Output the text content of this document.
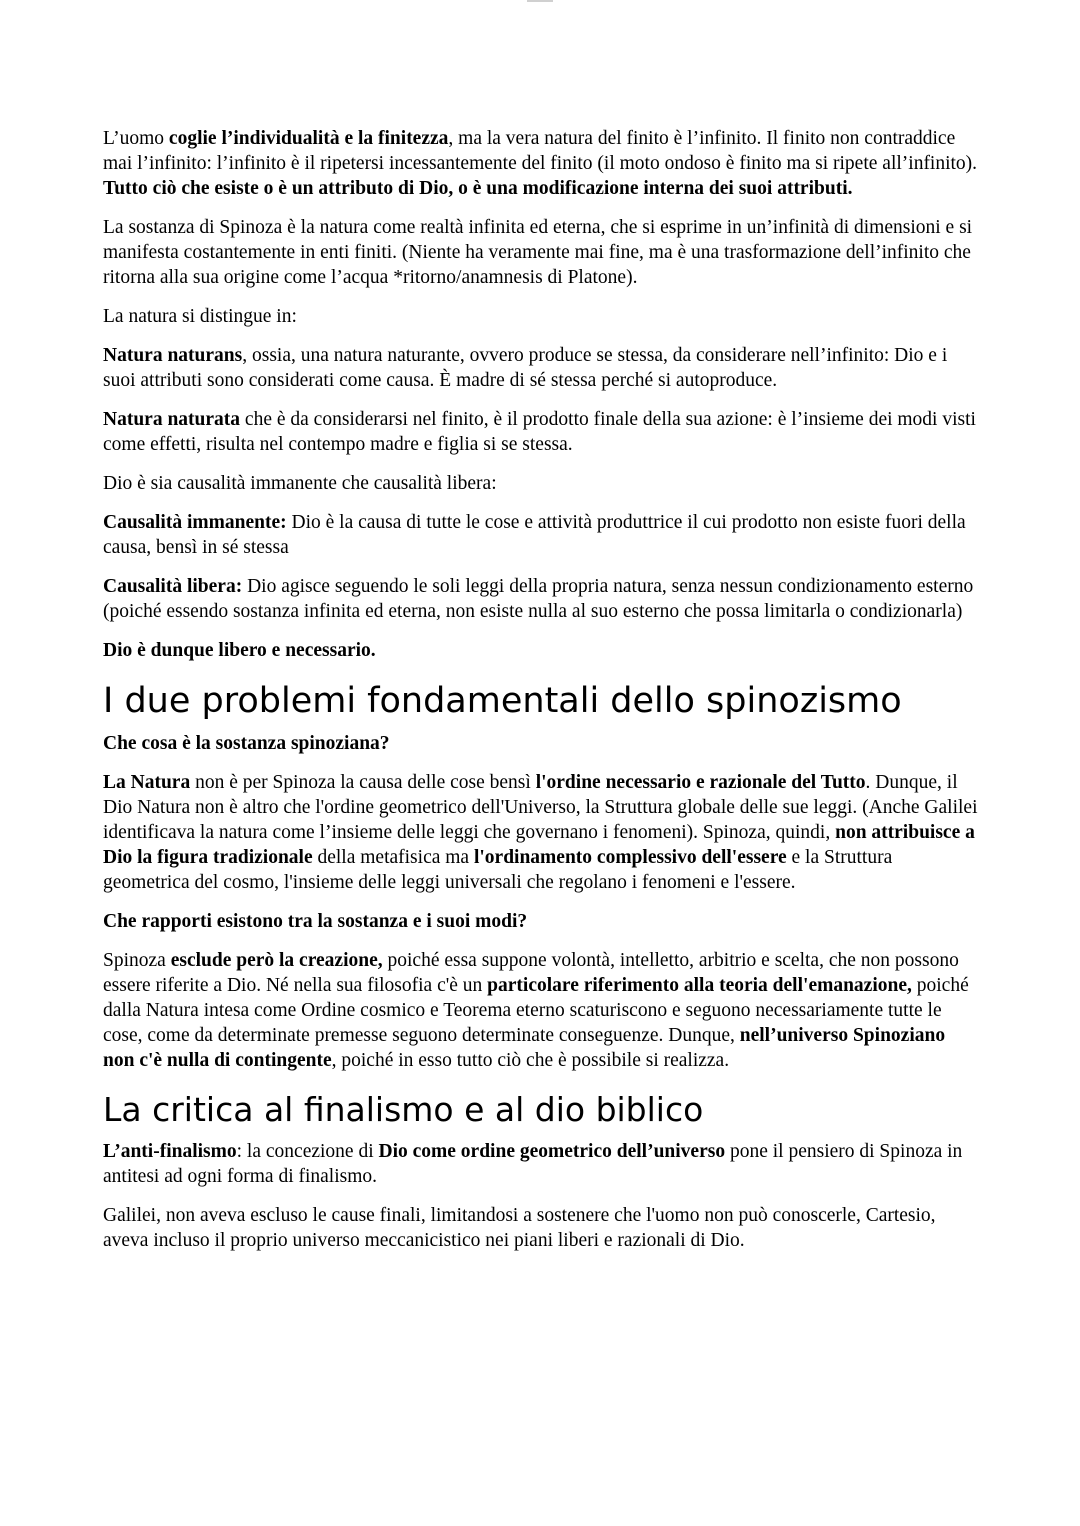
L’uomo coglie l’individualità e la finitezza, ma la vera natura del finito è l’infinito. Il finito non contraddice mai l’infinito: l’infinito è il ripetersi incessantemente del finito (il moto ondoso è finito ma si ripete all’infinito). Tutto ciò che esiste o è un attributo di Dio, o è una modificazione interna dei suoi attributi.

La sostanza di Spinoza è la natura come realtà infinita ed eterna, che si esprime in un’infinità di dimensioni e si manifesta costantemente in enti finiti. (Niente ha veramente mai fine, ma è una trasformazione dell’infinito che ritorna alla sua origine come l’acqua *ritorno/anamnesis di Platone).

La natura si distingue in:

Natura naturans, ossia, una natura naturante, ovvero produce se stessa, da considerare nell’infinito: Dio e i suoi attributi sono considerati come causa. È madre di sé stessa perché si autoproduce.

Natura naturata che è da considerarsi nel finito, è il prodotto finale della sua azione: è l’insieme dei modi visti come effetti, risulta nel contempo madre e figlia si se stessa.

Dio è sia causalità immanente che causalità libera:

Causalità immanente: Dio è la causa di tutte le cose e attività produttrice il cui prodotto non esiste fuori della causa, bensì in sé stessa

Causalità libera: Dio agisce seguendo le soli leggi della propria natura, senza nessun condizionamento esterno (poiché essendo sostanza infinita ed eterna, non esiste nulla al suo esterno che possa limitarla o condizionarla)

Dio è dunque libero e necessario.

I due problemi fondamentali dello spinozismo

Che cosa è la sostanza spinoziana?

La Natura non è per Spinoza la causa delle cose bensì l'ordine necessario e razionale del Tutto. Dunque, il Dio Natura non è altro che l'ordine geometrico dell'Universo, la Struttura globale delle sue leggi. (Anche Galilei identificava la natura come l’insieme delle leggi che governano i fenomeni). Spinoza, quindi, non attribuisce a Dio la figura tradizionale della metafisica ma l'ordinamento complessivo dell'essere e la Struttura geometrica del cosmo, l'insieme delle leggi universali che regolano i fenomeni e l'essere.

Che rapporti esistono tra la sostanza e i suoi modi?

Spinoza esclude però la creazione, poiché essa suppone volontà, intelletto, arbitrio e scelta, che non possono essere riferite a Dio. Né nella sua filosofia c'è un particolare riferimento alla teoria dell'emanazione, poiché dalla Natura intesa come Ordine cosmico e Teorema eterno scaturiscono e seguono necessariamente tutte le cose, come da determinate premesse seguono determinate conseguenze. Dunque, nell’universo Spinoziano non c'è nulla di contingente, poiché in esso tutto ciò che è possibile si realizza.

La critica al finalismo e al dio biblico

L’anti-finalismo: la concezione di Dio come ordine geometrico dell’universo pone il pensiero di Spinoza in antitesi ad ogni forma di finalismo.

Galilei, non aveva escluso le cause finali, limitandosi a sostenere che l'uomo non può conoscerle, Cartesio, aveva incluso il proprio universo meccanicistico nei piani liberi e razionali di Dio.
